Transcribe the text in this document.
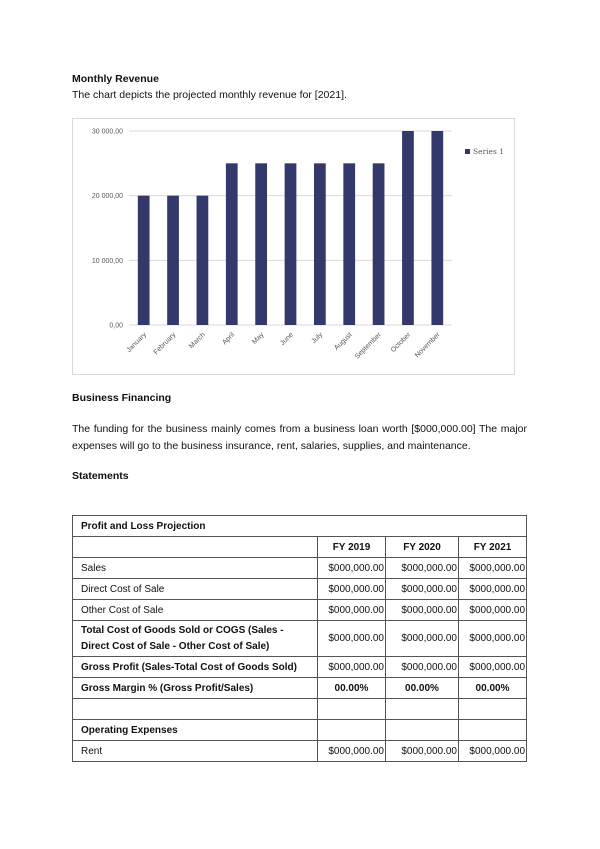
Monthly Revenue
The chart depicts the projected monthly revenue for [2021].
0,00
10 000,00
20 000,00
30 000,00
January February March April May June July August September October November
Series 1
Business Financing
The funding for the business mainly comes from a business loan worth [$000,000.00] The major expenses will go to the business insurance, rent, salaries, supplies, and maintenance.
Statements
Profit and Loss Projection			
	FY 2019	FY 2020	FY 2021
Sales	$000,000.00	$000,000.00	$000,000.00
Direct Cost of Sale	$000,000.00	$000,000.00	$000,000.00
Other Cost of Sale	$000,000.00	$000,000.00	$000,000.00
Total Cost of Goods Sold or COGS (Sales - Direct Cost of Sale - Other Cost of Sale)	$000,000.00	$000,000.00	$000,000.00
Gross Profit (Sales-Total Cost of Goods Sold)	$000,000.00	$000,000.00	$000,000.00
Gross Margin % (Gross Profit/Sales)	00.00%	00.00%	00.00%

Operating Expenses			
Rent	$000,000.00	$000,000.00	$000,000.00
